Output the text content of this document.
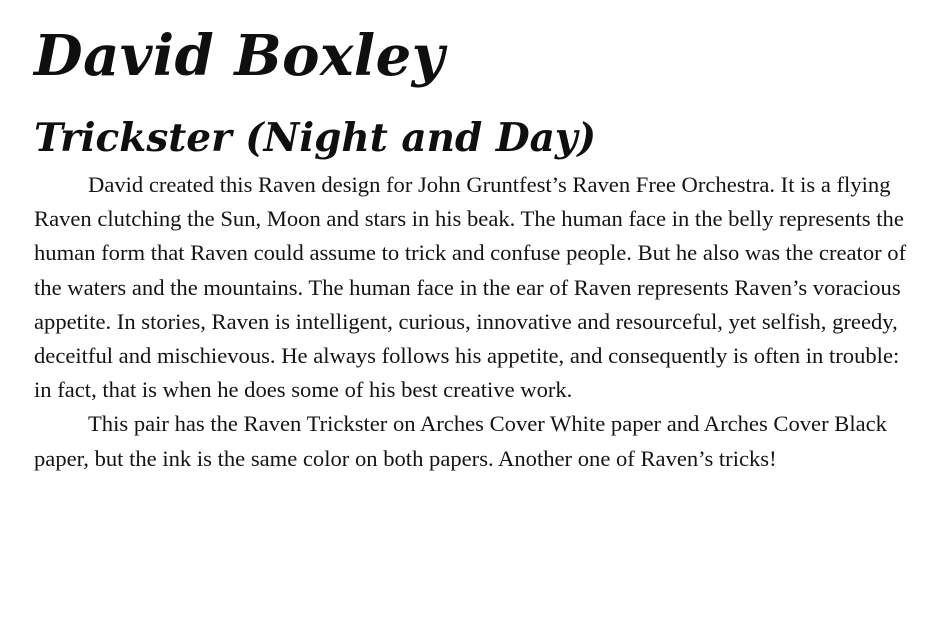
David Boxley
Trickster (Night and Day)

David created this Raven design for John Gruntfest’s Raven Free Orchestra. It is a flying Raven clutching the Sun, Moon and stars in his beak. The human face in the belly represents the human form that Raven could assume to trick and confuse people. But he also was the creator of the waters and the mountains. The human face in the ear of Raven represents Raven’s voracious appetite. In stories, Raven is intelligent, curious, innovative and resourceful, yet selfish, greedy, deceitful and mischievous. He always follows his appetite, and consequently is often in trouble: in fact, that is when he does some of his best creative work.

This pair has the Raven Trickster on Arches Cover White paper and Arches Cover Black paper, but the ink is the same color on both papers. Another one of Raven’s tricks!
